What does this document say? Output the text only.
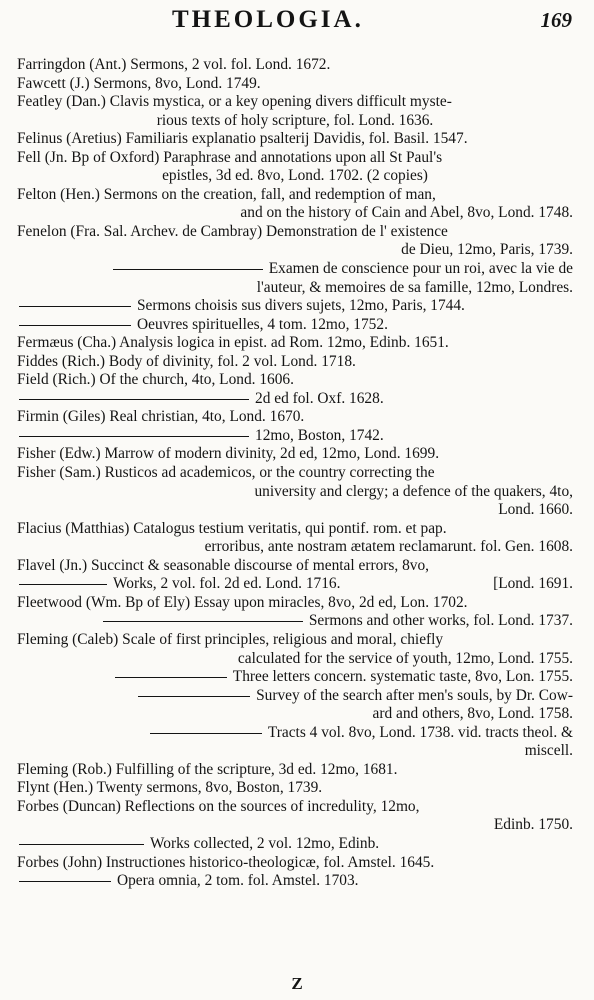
THEOLOGIA.	169
Farringdon (Ant.) Sermons, 2 vol. fol. Lond. 1672.
Fawcett (J.) Sermons, 8vo, Lond. 1749.
Featley (Dan.) Clavis mystica, or a key opening divers difficult myste-
rious texts of holy scripture, fol. Lond. 1636.
Felinus (Aretius) Familiaris explanatio psalterij Davidis, fol. Basil. 1547.
Fell (Jn. Bp of Oxford) Paraphrase and annotations upon all St Paul's
epistles, 3d ed. 8vo, Lond. 1702. (2 copies)
Felton (Hen.) Sermons on the creation, fall, and redemption of man,
and on the history of Cain and Abel, 8vo, Lond. 1748.
Fenelon (Fra. Sal. Archev. de Cambray) Demonstration de l' existence
de Dieu, 12mo, Paris, 1739.
Examen de conscience pour un roi, avec la vie de
l'auteur, & memoires de sa famille, 12mo, Londres.
Sermons choisis sus divers sujets, 12mo, Paris, 1744.
Oeuvres spirituelles, 4 tom. 12mo, 1752.
Fermæus (Cha.) Analysis logica in epist. ad Rom. 12mo, Edinb. 1651.
Fiddes (Rich.) Body of divinity, fol. 2 vol. Lond. 1718.
Field (Rich.) Of the church, 4to, Lond. 1606.
2d ed fol. Oxf. 1628.
Firmin (Giles) Real christian, 4to, Lond. 1670.
12mo, Boston, 1742.
Fisher (Edw.) Marrow of modern divinity, 2d ed, 12mo, Lond. 1699.
Fisher (Sam.) Rusticos ad academicos, or the country correcting the
university and clergy; a defence of the quakers, 4to,
Lond. 1660.
Flacius (Matthias) Catalogus testium veritatis, qui pontif. rom. et pap.
erroribus, ante nostram ætatem reclamarunt. fol. Gen. 1608.
Flavel (Jn.) Succinct & seasonable discourse of mental errors, 8vo,
Works, 2 vol. fol. 2d ed. Lond. 1716.	[Lond. 1691.
Fleetwood (Wm. Bp of Ely) Essay upon miracles, 8vo, 2d ed, Lon. 1702.
Sermons and other works, fol. Lond. 1737.
Fleming (Caleb) Scale of first principles, religious and moral, chiefly
calculated for the service of youth, 12mo, Lond. 1755.
Three letters concern. systematic taste, 8vo, Lon. 1755.
Survey of the search after men's souls, by Dr. Cow-
ard and others, 8vo, Lond. 1758.
Tracts 4 vol. 8vo, Lond. 1738. vid. tracts theol. &
miscell.
Fleming (Rob.) Fulfilling of the scripture, 3d ed. 12mo, 1681.
Flynt (Hen.) Twenty sermons, 8vo, Boston, 1739.
Forbes (Duncan) Reflections on the sources of incredulity, 12mo,
Edinb. 1750.
Works collected, 2 vol. 12mo, Edinb.
Forbes (John) Instructiones historico-theologicæ, fol. Amstel. 1645.
Opera omnia, 2 tom. fol. Amstel. 1703.
Z
